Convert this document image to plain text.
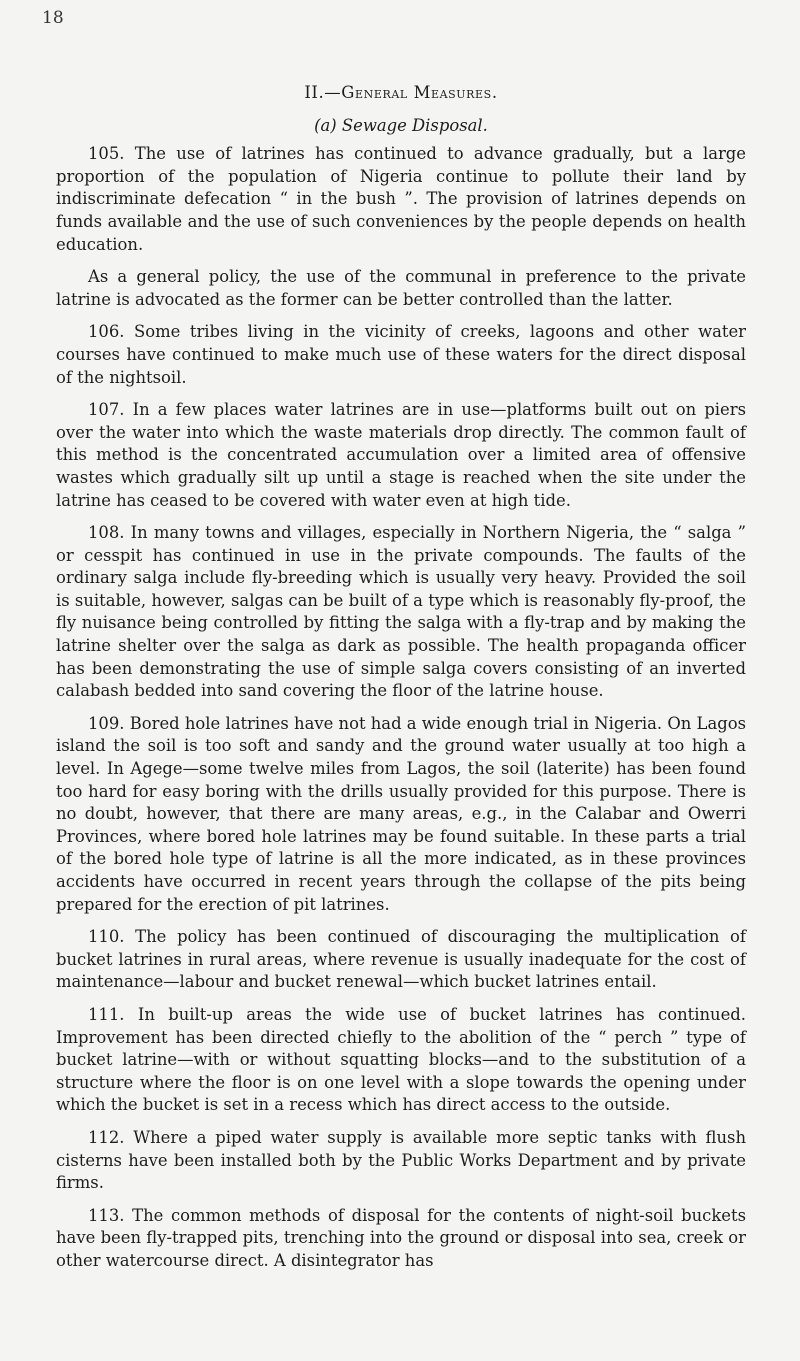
18
II.—General Measures.
(a) Sewage Disposal.

105. The use of latrines has continued to advance gradually, but a large proportion of the population of Nigeria continue to pollute their land by indiscriminate defecation “ in the bush ”. The provision of latrines depends on funds available and the use of such conveniences by the people depends on health education.

As a general policy, the use of the communal in preference to the private latrine is advocated as the former can be better controlled than the latter.

106. Some tribes living in the vicinity of creeks, lagoons and other water courses have continued to make much use of these waters for the direct disposal of the nightsoil.

107. In a few places water latrines are in use—platforms built out on piers over the water into which the waste materials drop directly. The common fault of this method is the concentrated accumulation over a limited area of offensive wastes which gradually silt up until a stage is reached when the site under the latrine has ceased to be covered with water even at high tide.

108. In many towns and villages, especially in Northern Nigeria, the “ salga ” or cesspit has continued in use in the private compounds. The faults of the ordinary salga include fly-breeding which is usually very heavy. Provided the soil is suitable, however, salgas can be built of a type which is reasonably fly-proof, the fly nuisance being controlled by fitting the salga with a fly-trap and by making the latrine shelter over the salga as dark as possible. The health propaganda officer has been demonstrating the use of simple salga covers consisting of an inverted calabash bedded into sand covering the floor of the latrine house.

109. Bored hole latrines have not had a wide enough trial in Nigeria. On Lagos island the soil is too soft and sandy and the ground water usually at too high a level. In Agege—some twelve miles from Lagos, the soil (laterite) has been found too hard for easy boring with the drills usually provided for this purpose. There is no doubt, however, that there are many areas, e.g., in the Calabar and Owerri Provinces, where bored hole latrines may be found suitable. In these parts a trial of the bored hole type of latrine is all the more indicated, as in these provinces accidents have occurred in recent years through the collapse of the pits being prepared for the erection of pit latrines.

110. The policy has been continued of discouraging the multiplication of bucket latrines in rural areas, where revenue is usually inadequate for the cost of maintenance—labour and bucket renewal—which bucket latrines entail.

111. In built-up areas the wide use of bucket latrines has continued. Improvement has been directed chiefly to the abolition of the “ perch ” type of bucket latrine—with or without squatting blocks—and to the substitution of a structure where the floor is on one level with a slope towards the opening under which the bucket is set in a recess which has direct access to the outside.

112. Where a piped water supply is available more septic tanks with flush cisterns have been installed both by the Public Works Department and by private firms.

113. The common methods of disposal for the contents of night-soil buckets have been fly-trapped pits, trenching into the ground or disposal into sea, creek or other watercourse direct. A disintegrator has
